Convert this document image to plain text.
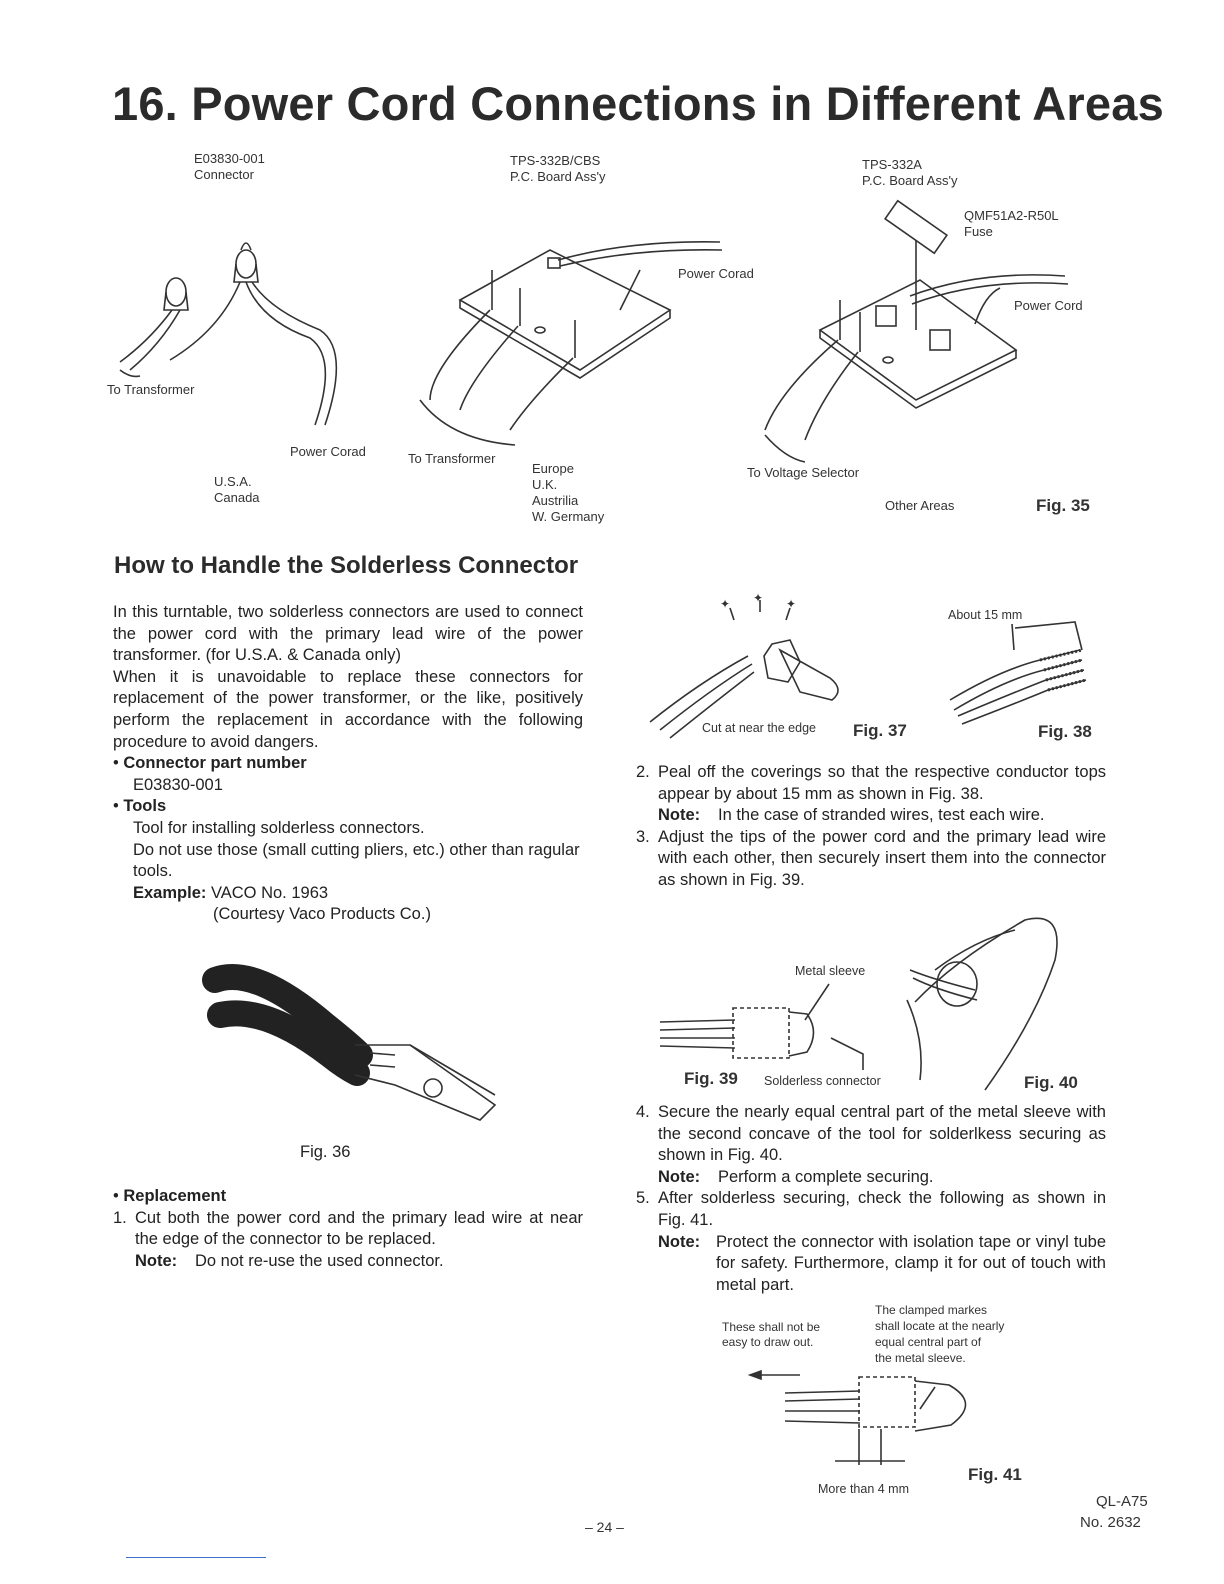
16. Power Cord Connections in Different Areas
E03830-001
Connector
To Transformer
Power Corad
U.S.A.
Canada
TPS-332B/CBS
P.C. Board Ass'y
Power Corad
To Transformer
Europe
U.K.
Austrilia
W. Germany
TPS-332A
P.C. Board Ass'y
QMF51A2-R50L
Fuse
Power Cord
To Voltage Selector
Other Areas	Fig. 35
How to Handle the Solderless Connector

In this turntable, two solderless connectors are used to connect the power cord with the primary lead wire of the power transformer. (for U.S.A. & Canada only)

When it is unavoidable to replace these connectors for replacement of the power transformer, or the like, positively perform the replacement in accordance with the following procedure to avoid dangers.

• Connector part number

E03830-001

• Tools

Tool for installing solderless connectors.

Do not use those (small cutting pliers, etc.) other than ragular tools.

Example: VACO No. 1963

(Courtesy Vaco Products Co.)

Fig. 36

• Replacement

1. Cut both the power cord and the primary lead wire at near the edge of the connector to be replaced.
Note:	Do not re-use the used connector.
✦ ✦ ✦
Cut at near the edge Fig. 37
About 15 mm
Fig. 38
2. Peal off the coverings so that the respective conductor tops appear by about 15 mm as shown in Fig. 38.
Note:	In the case of stranded wires, test each wire.
3. Adjust the tips of the power cord and the primary lead wire with each other, then securely insert them into the connector as shown in Fig. 39.
Metal sleeve
Fig. 39 Solderless connector	Fig. 40
4. Secure the nearly equal central part of the metal sleeve with the second concave of the tool for solderlkess securing as shown in Fig. 40.
Note:	Perform a complete securing.
5. After solderless securing, check the following as shown in Fig. 41.
Note: Protect the connector with isolation tape or vinyl tube for safety. Furthermore, clamp it for out of touch with metal part.
These shall not be
easy to draw out.
The clamped markes
shall locate at the nearly
equal central part of
the metal sleeve.
More than 4 mm
Fig. 41
– 24 –
QL-A75
No. 2632
